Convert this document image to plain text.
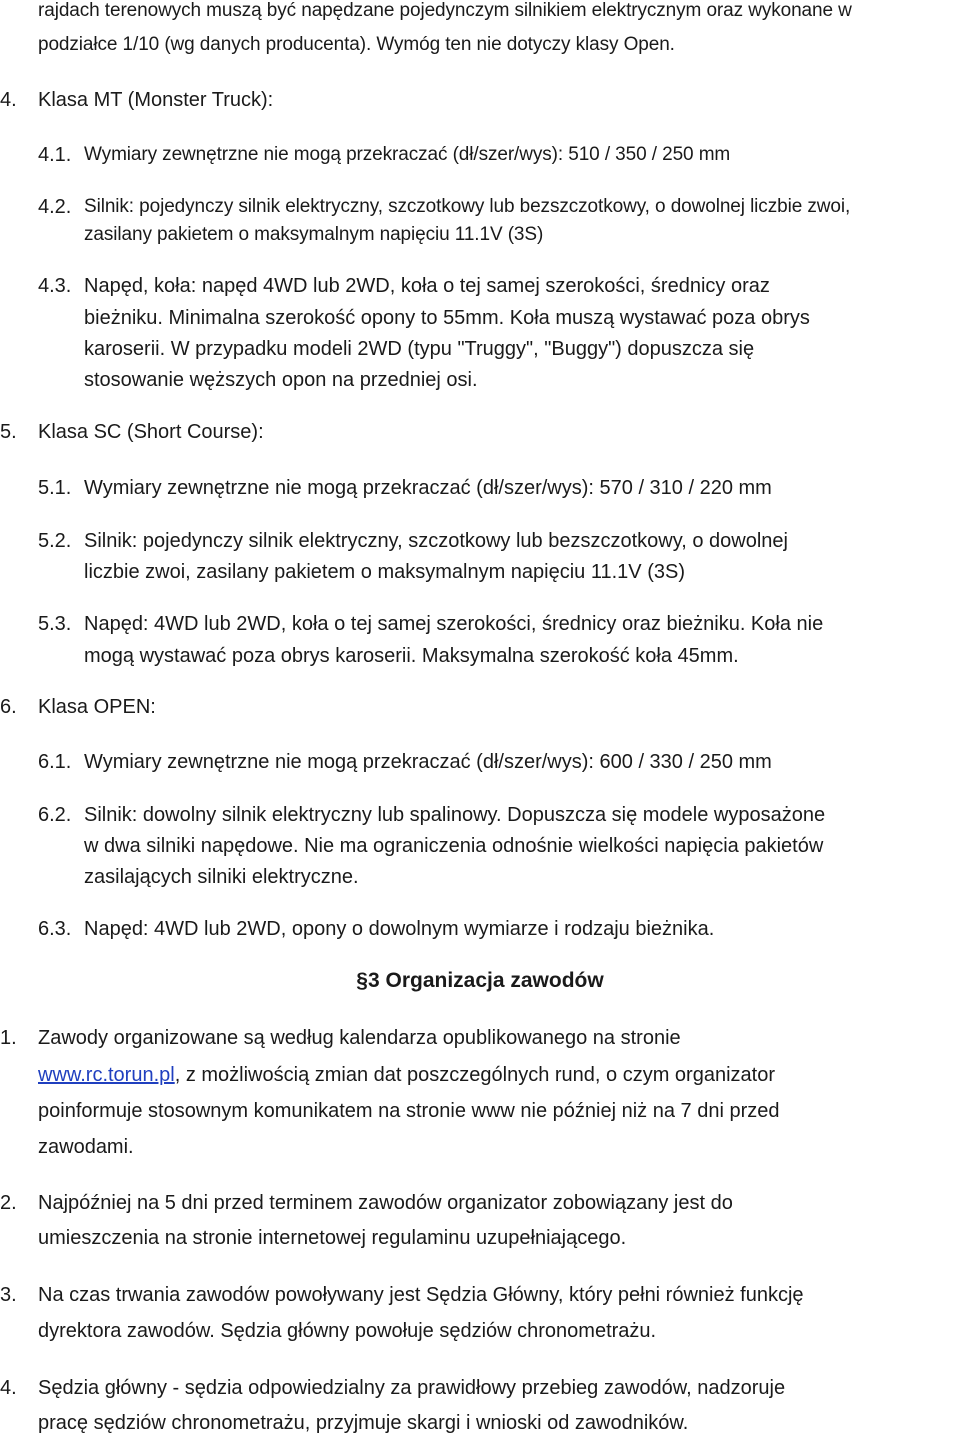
rajdach terenowych muszą być napędzane pojedynczym silnikiem elektrycznym oraz wykonane w
podziałce 1/10 (wg danych producenta). Wymóg ten nie dotyczy klasy Open.
4. Klasa MT (Monster Truck):
4.1. Wymiary zewnętrzne nie mogą przekraczać (dł/szer/wys): 510 / 350 / 250 mm
4.2. Silnik: pojedynczy silnik elektryczny, szczotkowy lub bezszczotkowy, o dowolnej liczbie zwoi,
zasilany pakietem o maksymalnym napięciu 11.1V (3S)
4.3. Napęd, koła: napęd 4WD lub 2WD, koła o tej samej szerokości, średnicy oraz
bieżniku. Minimalna szerokość opony to 55mm. Koła muszą wystawać poza obrys
karoserii. W przypadku modeli 2WD (typu "Truggy", "Buggy") dopuszcza się
stosowanie węższych opon na przedniej osi.
5. Klasa SC (Short Course):
5.1. Wymiary zewnętrzne nie mogą przekraczać (dł/szer/wys): 570 / 310 / 220 mm
5.2. Silnik: pojedynczy silnik elektryczny, szczotkowy lub bezszczotkowy, o dowolnej
liczbie zwoi, zasilany pakietem o maksymalnym napięciu 11.1V (3S)
5.3. Napęd: 4WD lub 2WD, koła o tej samej szerokości, średnicy oraz bieżniku. Koła nie
mogą wystawać poza obrys karoserii. Maksymalna szerokość koła 45mm.
6. Klasa OPEN:
6.1. Wymiary zewnętrzne nie mogą przekraczać (dł/szer/wys): 600 / 330 / 250 mm
6.2. Silnik: dowolny silnik elektryczny lub spalinowy. Dopuszcza się modele wyposażone
w dwa silniki napędowe. Nie ma ograniczenia odnośnie wielkości napięcia pakietów
zasilających silniki elektryczne.
6.3. Napęd: 4WD lub 2WD, opony o dowolnym wymiarze i rodzaju bieżnika.
§3 Organizacja zawodów
1. Zawody organizowane są według kalendarza opublikowanego na stronie
www.rc.torun.pl, z możliwością zmian dat poszczególnych rund, o czym organizator
poinformuje stosownym komunikatem na stronie www nie później niż na 7 dni przed
zawodami.
2. Najpóźniej na 5 dni przed terminem zawodów organizator zobowiązany jest do
umieszczenia na stronie internetowej regulaminu uzupełniającego.
3. Na czas trwania zawodów powoływany jest Sędzia Główny, który pełni również funkcję
dyrektora zawodów. Sędzia główny powołuje sędziów chronometrażu.
4. Sędzia główny - sędzia odpowiedzialny za prawidłowy przebieg zawodów, nadzoruje
pracę sędziów chronometrażu, przyjmuje skargi i wnioski od zawodników.
